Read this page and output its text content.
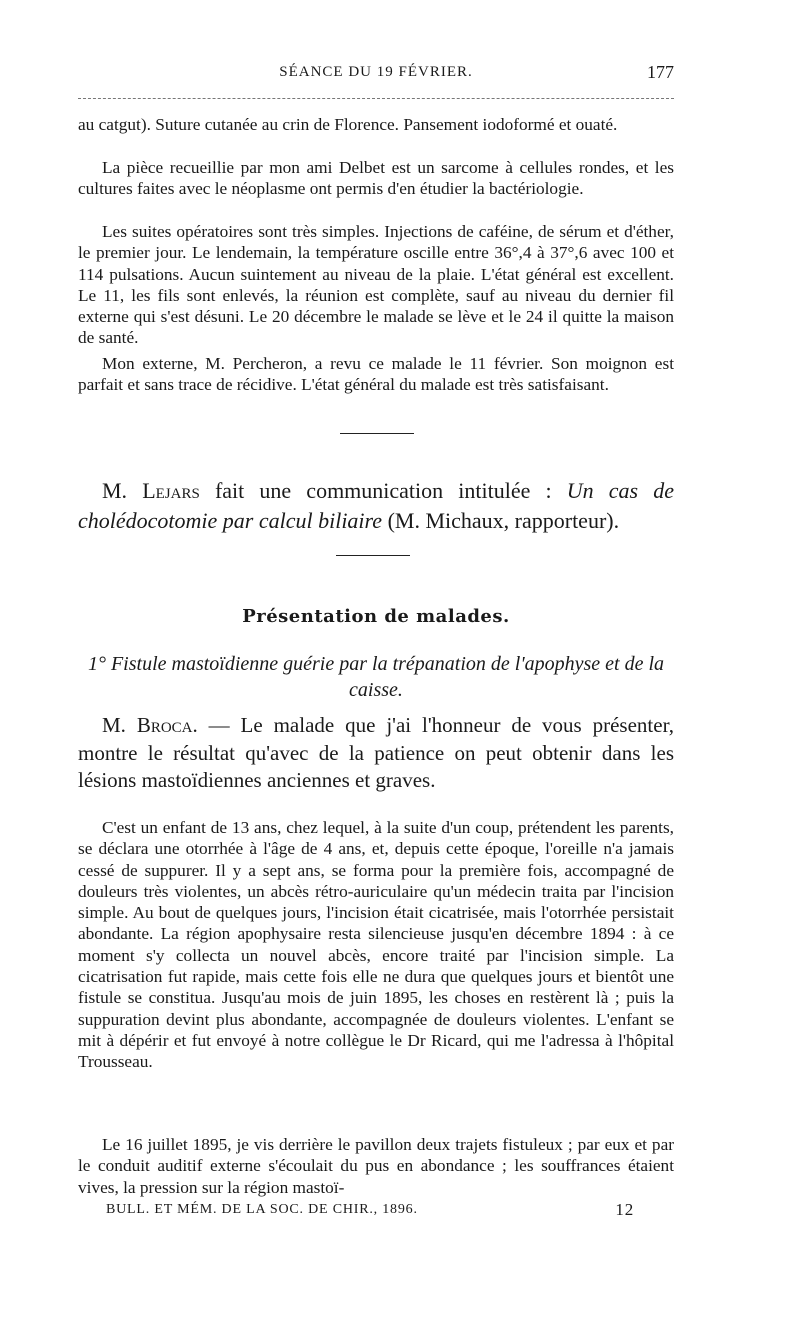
SÉANCE DU 19 FÉVRIER.	177

au catgut). Suture cutanée au crin de Florence. Pansement iodoformé et ouaté.

La pièce recueillie par mon ami Delbet est un sarcome à cellules rondes, et les cultures faites avec le néoplasme ont permis d'en étudier la bactériologie.

Les suites opératoires sont très simples. Injections de caféine, de sérum et d'éther, le premier jour. Le lendemain, la température oscille entre 36°,4 à 37°,6 avec 100 et 114 pulsations. Aucun suintement au niveau de la plaie. L'état général est excellent. Le 11, les fils sont enlevés, la réunion est complète, sauf au niveau du dernier fil externe qui s'est désuni. Le 20 décembre le malade se lève et le 24 il quitte la maison de santé.

Mon externe, M. Percheron, a revu ce malade le 11 février. Son moignon est parfait et sans trace de récidive. L'état général du malade est très satisfaisant.

M. Lejars fait une communication intitulée : Un cas de cholédocotomie par calcul biliaire (M. Michaux, rapporteur).

Présentation de malades.

1° Fistule mastoïdienne guérie par la trépanation de l'apophyse et de la caisse.

M. Broca. — Le malade que j'ai l'honneur de vous présenter, montre le résultat qu'avec de la patience on peut obtenir dans les lésions mastoïdiennes anciennes et graves.

C'est un enfant de 13 ans, chez lequel, à la suite d'un coup, prétendent les parents, se déclara une otorrhée à l'âge de 4 ans, et, depuis cette époque, l'oreille n'a jamais cessé de suppurer. Il y a sept ans, se forma pour la première fois, accompagné de douleurs très violentes, un abcès rétro-auriculaire qu'un médecin traita par l'incision simple. Au bout de quelques jours, l'incision était cicatrisée, mais l'otorrhée persistait abondante. La région apophysaire resta silencieuse jusqu'en décembre 1894 : à ce moment s'y collecta un nouvel abcès, encore traité par l'incision simple. La cicatrisation fut rapide, mais cette fois elle ne dura que quelques jours et bientôt une fistule se constitua. Jusqu'au mois de juin 1895, les choses en restèrent là ; puis la suppuration devint plus abondante, accompagnée de douleurs violentes. L'enfant se mit à dépérir et fut envoyé à notre collègue le Dr Ricard, qui me l'adressa à l'hôpital Trousseau.

Le 16 juillet 1895, je vis derrière le pavillon deux trajets fistuleux ; par eux et par le conduit auditif externe s'écoulait du pus en abondance ; les souffrances étaient vives, la pression sur la région mastoï-

BULL. ET MÉM. DE LA SOC. DE CHIR., 1896.	12
